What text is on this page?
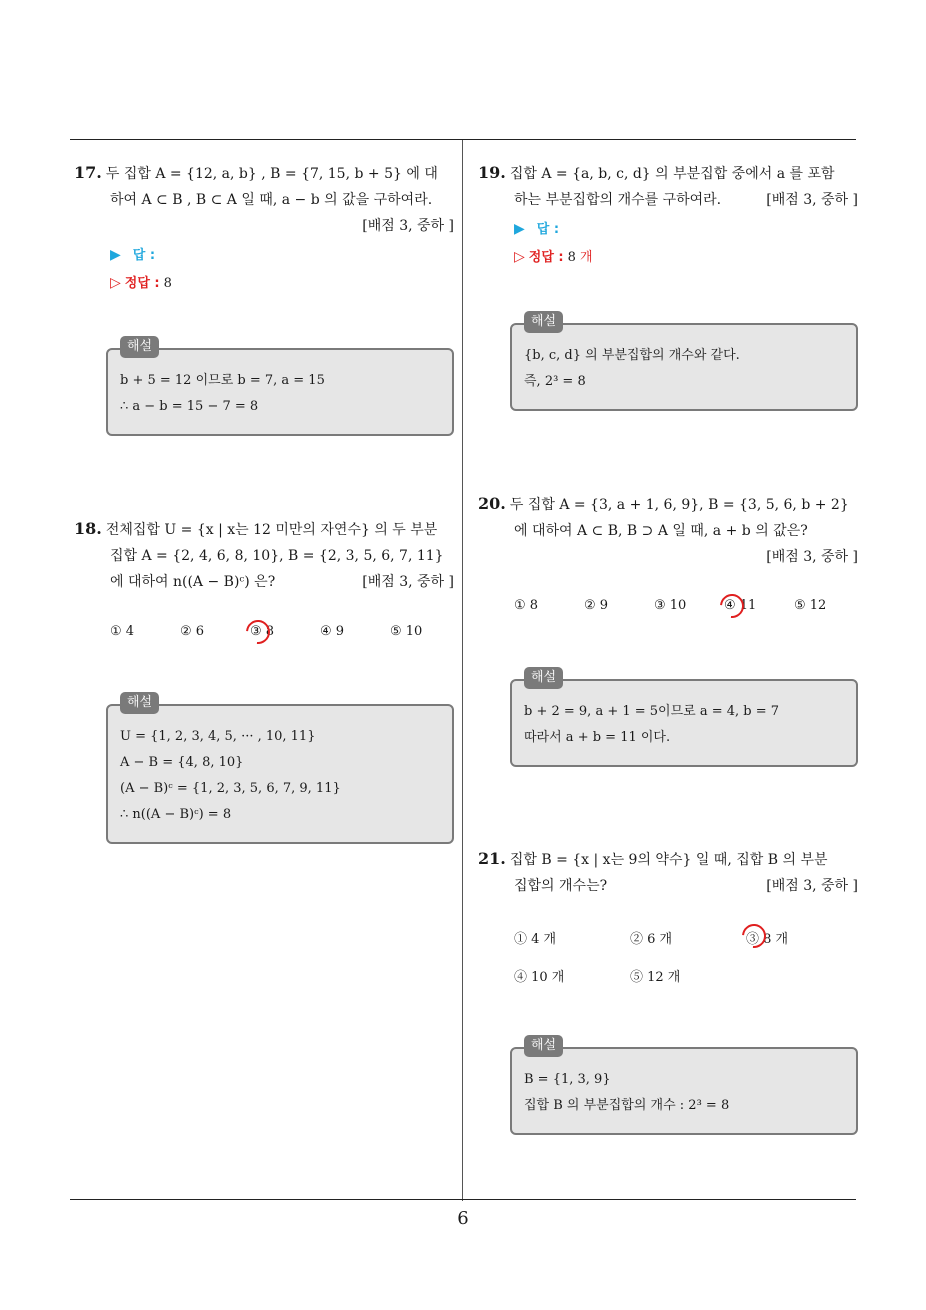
17. 두 집합 A = {12, a, b} , B = {7, 15, b + 5} 에 대
하여 A ⊂ B , B ⊂ A 일 때, a − b 의 값을 구하여라.
[배점 3, 중하 ]
▶ 답 :
▷ 정답 : 8
해설
b + 5 = 12 이므로 b = 7, a = 15
∴ a − b = 15 − 7 = 8
18. 전체집합 U = {x | x는 12 미만의 자연수} 의 두 부분
집합 A = {2, 4, 6, 8, 10}, B = {2, 3, 5, 6, 7, 11}
에 대하여 n((A − B)ᶜ) 은?	[배점 3, 중하 ]
① 4	② 6	③ 8	④ 9	⑤ 10
해설
U = {1, 2, 3, 4, 5, ··· , 10, 11}
A − B = {4, 8, 10}
(A − B)ᶜ = {1, 2, 3, 5, 6, 7, 9, 11}
∴ n((A − B)ᶜ) = 8
19. 집합 A = {a, b, c, d} 의 부분집합 중에서 a 를 포함
하는 부분집합의 개수를 구하여라.	[배점 3, 중하 ]
▶ 답 :
▷ 정답 : 8 개
해설
{b, c, d} 의 부분집합의 개수와 같다.
즉, 2³ = 8
20. 두 집합 A = {3, a + 1, 6, 9}, B = {3, 5, 6, b + 2}
에 대하여 A ⊂ B, B ⊃ A 일 때, a + b 의 값은?
[배점 3, 중하 ]
① 8	② 9	③ 10	④ 11	⑤ 12
해설
b + 2 = 9, a + 1 = 5이므로 a = 4, b = 7
따라서 a + b = 11 이다.
21. 집합 B = {x | x는 9의 약수} 일 때, 집합 B 의 부분
집합의 개수는?	[배점 3, 중하 ]
① 4 개	② 6 개	③ 8 개
④ 10 개	⑤ 12 개
해설
B = {1, 3, 9}
집합 B 의 부분집합의 개수 : 2³ = 8
6
